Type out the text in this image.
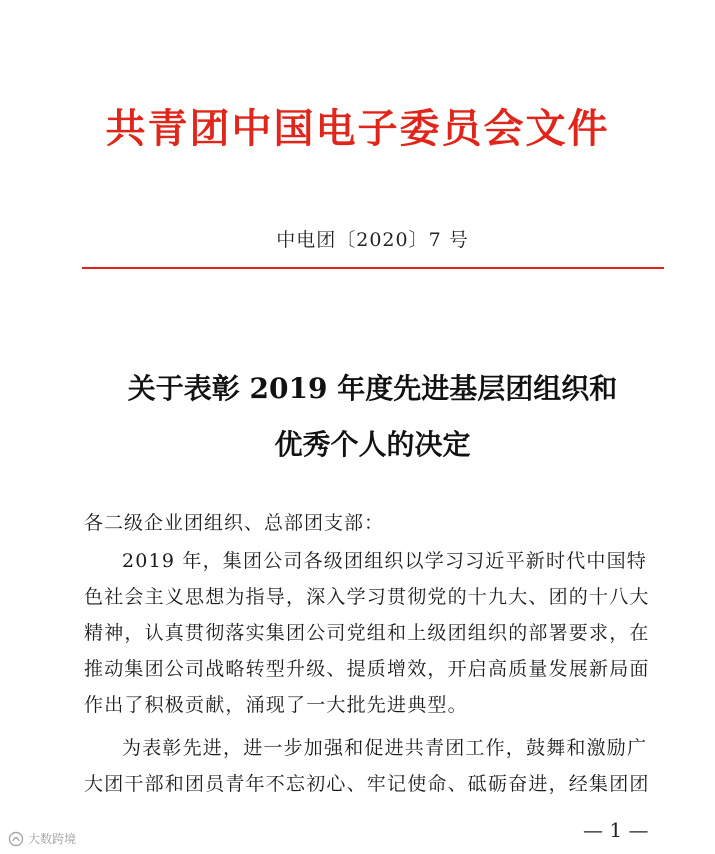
共青团中国电子委员会文件
中电团〔2020〕7 号
关于表彰 2019 年度先进基层团组织和
优秀个人的决定
各二级企业团组织、总部团支部：
2019 年，集团公司各级团组织以学习习近平新时代中国特
色社会主义思想为指导，深入学习贯彻党的十九大、团的十八大
精神，认真贯彻落实集团公司党组和上级团组织的部署要求，在
推动集团公司战略转型升级、提质增效，开启高质量发展新局面
作出了积极贡献，涌现了一大批先进典型。
为表彰先进，进一步加强和促进共青团工作，鼓舞和激励广
大团干部和团员青年不忘初心、牢记使命、砥砺奋进，经集团团
— 1 —
大数跨境
